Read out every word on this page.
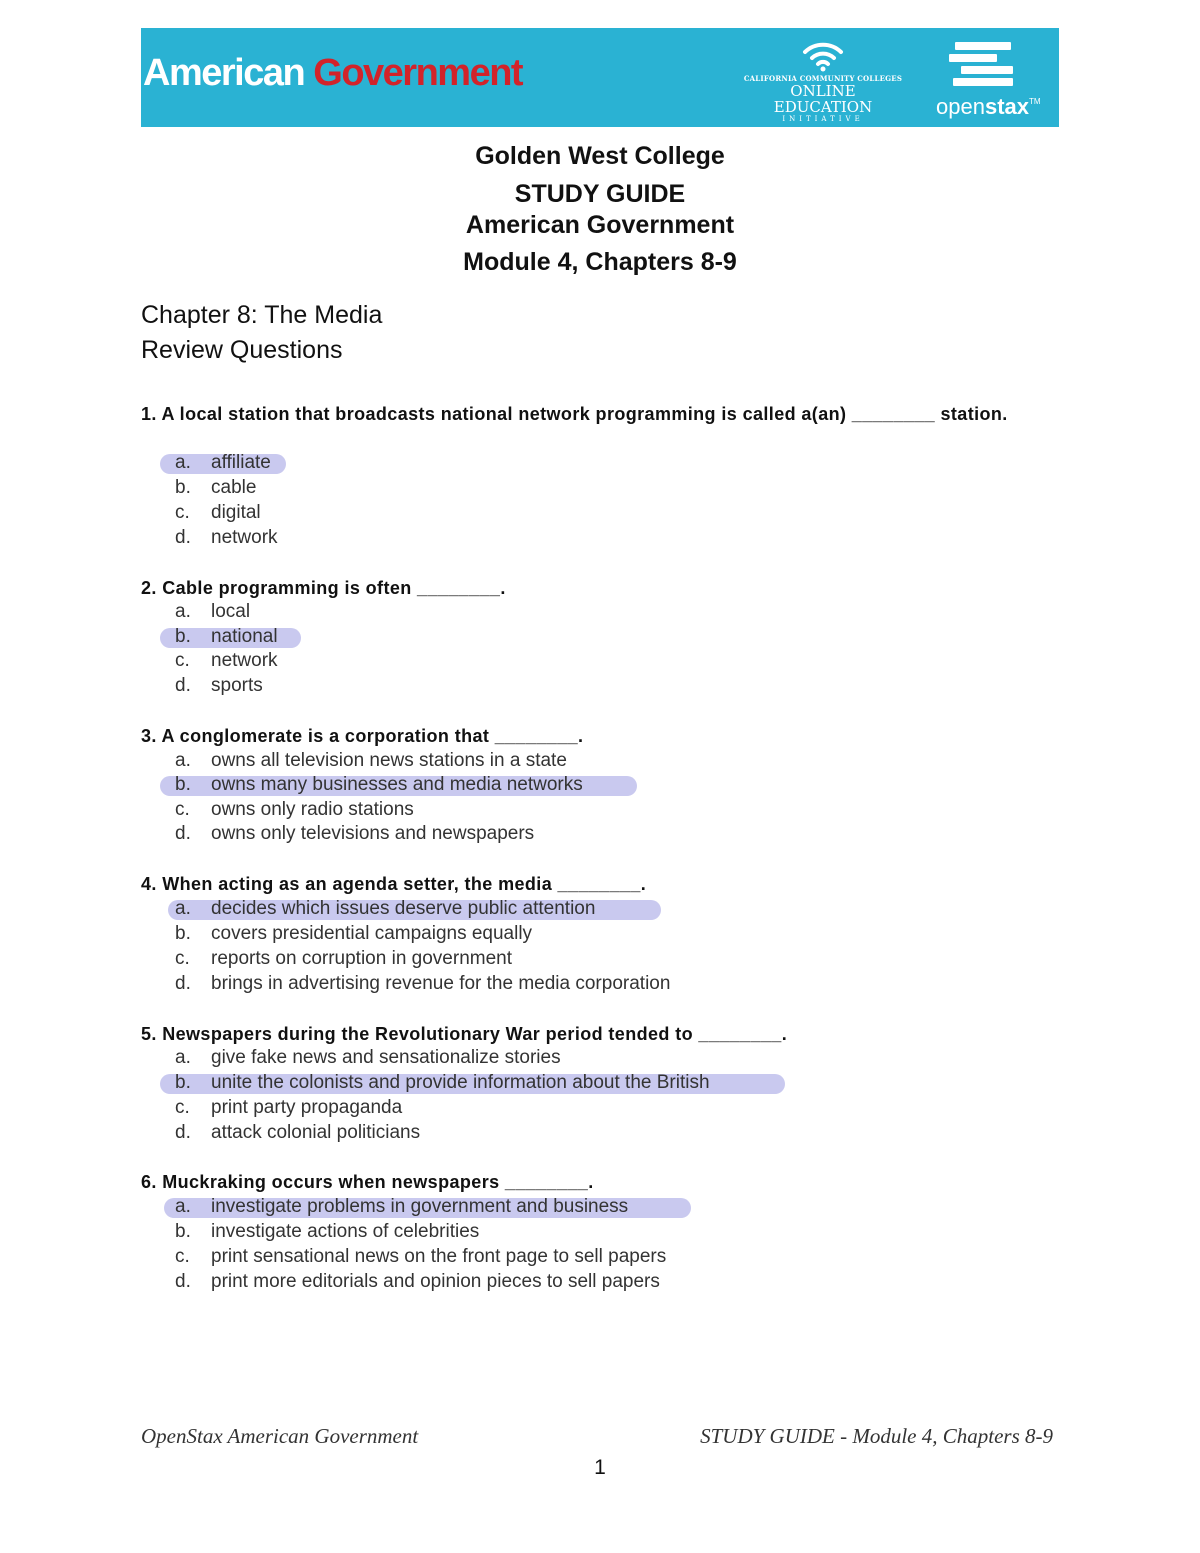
American Government	CALIFORNIA COMMUNITY COLLEGES
ONLINE EDUCATION
INITIATIVE	openstax™
Golden West College
STUDY GUIDE
American Government
Module 4, Chapters 8-9
Chapter 8: The Media
Review Questions
1. A local station that broadcasts national network programming is called a(an) ________ station.
a. affiliate
b. cable
c. digital
d. network
2. Cable programming is often ________.
a. local
b. national
c. network
d. sports
3. A conglomerate is a corporation that ________.
a. owns all television news stations in a state
b. owns many businesses and media networks
c. owns only radio stations
d. owns only televisions and newspapers
4. When acting as an agenda setter, the media ________.
a. decides which issues deserve public attention
b. covers presidential campaigns equally
c. reports on corruption in government
d. brings in advertising revenue for the media corporation
5. Newspapers during the Revolutionary War period tended to ________.
a. give fake news and sensationalize stories
b. unite the colonists and provide information about the British
c. print party propaganda
d. attack colonial politicians
6. Muckraking occurs when newspapers ________.
a. investigate problems in government and business
b. investigate actions of celebrities
c. print sensational news on the front page to sell papers
d. print more editorials and opinion pieces to sell papers
OpenStax American Government	STUDY GUIDE - Module 4, Chapters 8-9
1
